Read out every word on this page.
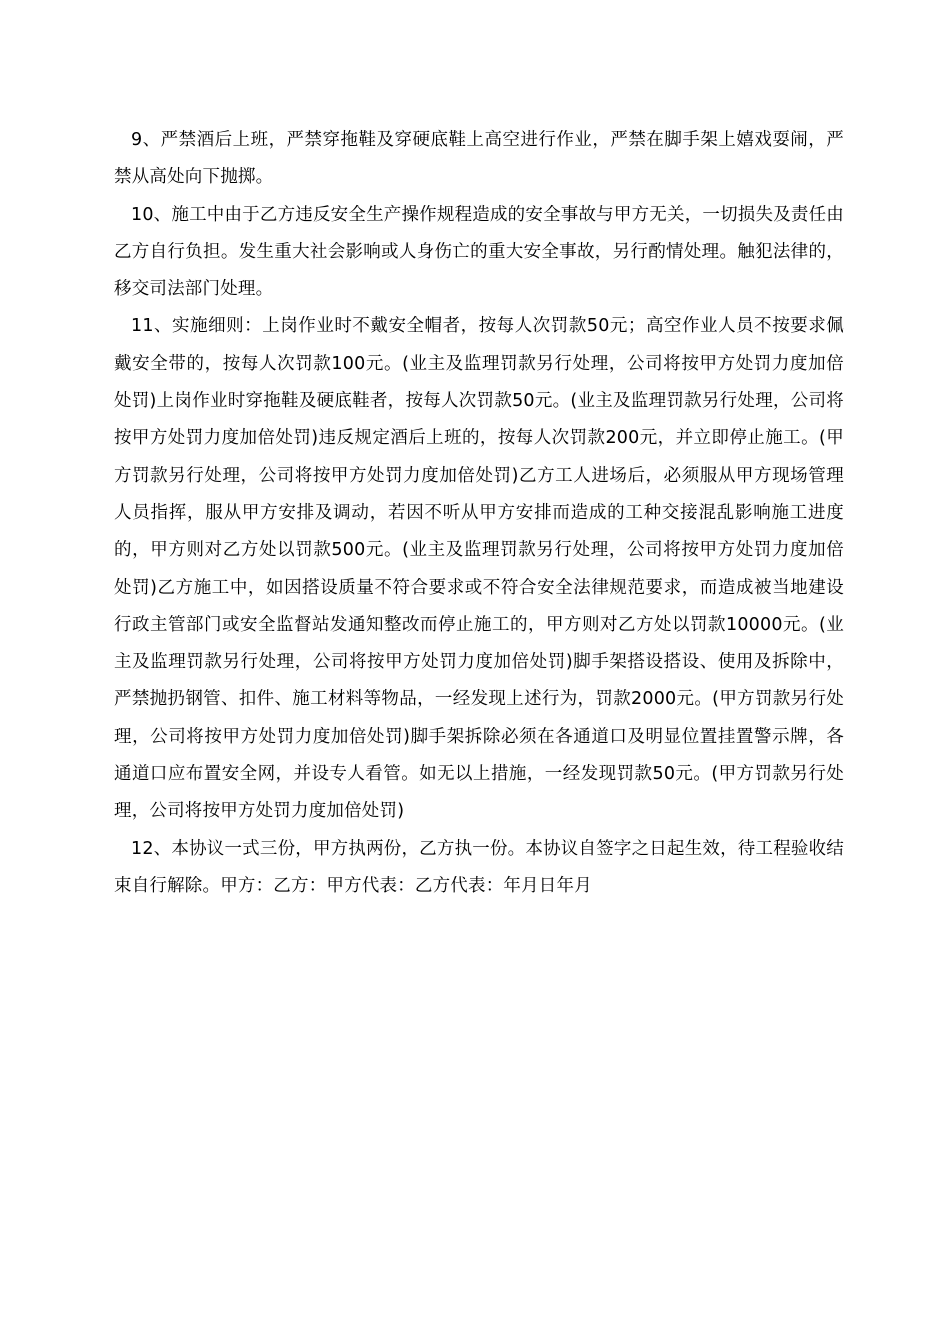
9、严禁酒后上班，严禁穿拖鞋及穿硬底鞋上高空进行作业，严禁在脚手架上嬉戏耍闹，严禁从高处向下抛掷。

10、施工中由于乙方违反安全生产操作规程造成的安全事故与甲方无关，一切损失及责任由乙方自行负担。发生重大社会影响或人身伤亡的重大安全事故，另行酌情处理。触犯法律的，移交司法部门处理。

11、实施细则：上岗作业时不戴安全帽者，按每人次罚款50元；高空作业人员不按要求佩戴安全带的，按每人次罚款100元。(业主及监理罚款另行处理，公司将按甲方处罚力度加倍处罚)上岗作业时穿拖鞋及硬底鞋者，按每人次罚款50元。(业主及监理罚款另行处理，公司将按甲方处罚力度加倍处罚)违反规定酒后上班的，按每人次罚款200元，并立即停止施工。(甲方罚款另行处理，公司将按甲方处罚力度加倍处罚)乙方工人进场后，必须服从甲方现场管理人员指挥，服从甲方安排及调动，若因不听从甲方安排而造成的工种交接混乱影响施工进度的，甲方则对乙方处以罚款500元。(业主及监理罚款另行处理，公司将按甲方处罚力度加倍处罚)乙方施工中，如因搭设质量不符合要求或不符合安全法律规范要求，而造成被当地建设行政主管部门或安全监督站发通知整改而停止施工的，甲方则对乙方处以罚款10000元。(业主及监理罚款另行处理，公司将按甲方处罚力度加倍处罚)脚手架搭设搭设、使用及拆除中，严禁抛扔钢管、扣件、施工材料等物品，一经发现上述行为，罚款2000元。(甲方罚款另行处理，公司将按甲方处罚力度加倍处罚)脚手架拆除必须在各通道口及明显位置挂置警示牌，各通道口应布置安全网，并设专人看管。如无以上措施，一经发现罚款50元。(甲方罚款另行处理，公司将按甲方处罚力度加倍处罚)

12、本协议一式三份，甲方执两份，乙方执一份。本协议自签字之日起生效，待工程验收结束自行解除。甲方：乙方：甲方代表：乙方代表：年月日年月
